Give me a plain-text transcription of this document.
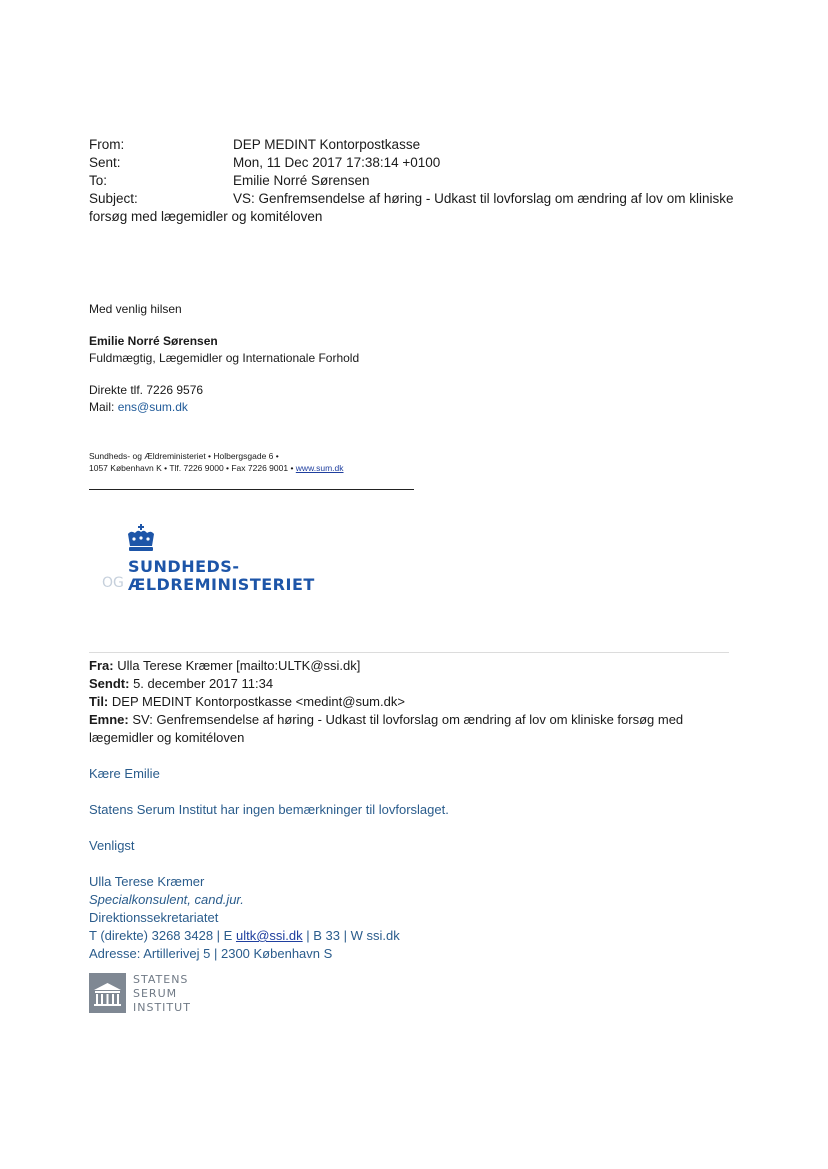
From:	DEP MEDINT Kontorpostkasse
Sent:	Mon, 11 Dec 2017 17:38:14 +0100
To:	Emilie Norré Sørensen
Subject:	VS: Genfremsendelse af høring - Udkast til lovforslag om ændring af lov om kliniske
forsøg med lægemidler og komitéloven
Med venlig hilsen
Emilie Norré Sørensen
Fuldmægtig, Lægemidler og Internationale Forhold
Direkte tlf. 7226 9576
Mail: ens@sum.dk
Sundheds- og Ældreministeriet • Holbergsgade 6 •
1057 København K • Tlf. 7226 9000 • Fax 7226 9001 • www.sum.dk
SUNDHEDS-
OG ÆLDREMINISTERIET
Fra: Ulla Terese Kræmer [mailto:ULTK@ssi.dk]
Sendt: 5. december 2017 11:34
Til: DEP MEDINT Kontorpostkasse <medint@sum.dk>
Emne: SV: Genfremsendelse af høring - Udkast til lovforslag om ændring af lov om kliniske forsøg med
lægemidler og komitéloven
Kære Emilie
Statens Serum Institut har ingen bemærkninger til lovforslaget.
Venligst
Ulla Terese Kræmer
Specialkonsulent, cand.jur.
Direktionssekretariatet
T (direkte) 3268 3428 | E ultk@ssi.dk | B 33 | W ssi.dk
Adresse: Artillerivej 5 | 2300 København S
STATENS
SERUM
INSTITUT
